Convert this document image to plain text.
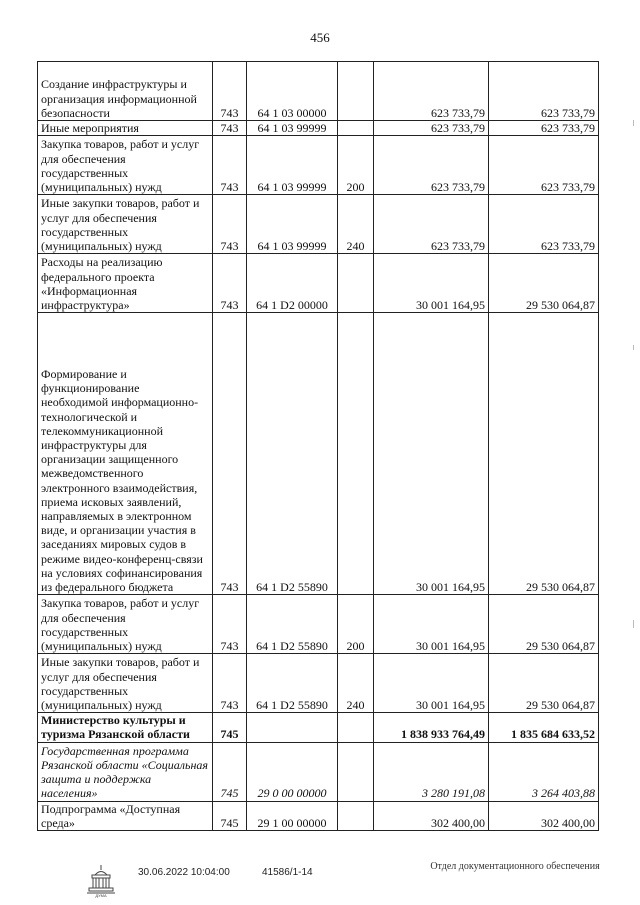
456
Создание инфраструктуры и организация информационной безопасности	743	64 1 03 00000		623 733,79	623 733,79
Иные мероприятия	743	64 1 03 99999		623 733,79	623 733,79
Закупка товаров, работ и услуг для обеспечения государственных (муниципальных) нужд	743	64 1 03 99999	200	623 733,79	623 733,79
Иные закупки товаров, работ и услуг для обеспечения государственных (муниципальных) нужд	743	64 1 03 99999	240	623 733,79	623 733,79
Расходы на реализацию федерального проекта «Информационная инфраструктура»	743	64 1 D2 00000		30 001 164,95	29 530 064,87
Формирование и функционирование необходимой информационно-технологической и телекоммуникационной инфраструктуры для организации защищенного межведомственного электронного взаимодействия, приема исковых заявлений, направляемых в электронном виде, и организации участия в заседаниях мировых судов в режиме видео-конференц-связи на условиях софинансирования из федерального бюджета	743	64 1 D2 55890		30 001 164,95	29 530 064,87
Закупка товаров, работ и услуг для обеспечения государственных (муниципальных) нужд	743	64 1 D2 55890	200	30 001 164,95	29 530 064,87
Иные закупки товаров, работ и услуг для обеспечения государственных (муниципальных) нужд	743	64 1 D2 55890	240	30 001 164,95	29 530 064,87
Министерство культуры и туризма Рязанской области	745			1 838 933 764,49	1 835 684 633,52
Государственная программа Рязанской области «Социальная защита и поддержка населения»	745	29 0 00 00000		3 280 191,08	3 264 403,88
Подпрограмма «Доступная среда»	745	29 1 00 00000		302 400,00	302 400,00
ДУМА
30.06.2022 10:04:00	41586/1-14
Отдел документационного обеспечения
